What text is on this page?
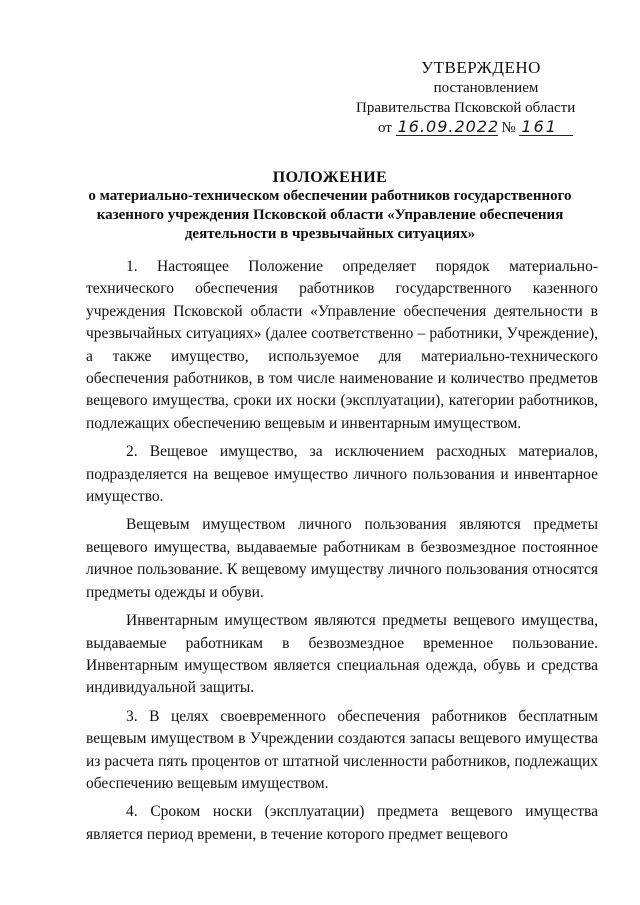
УТВЕРЖДЕНО
постановлением
Правительства Псковской области
от 16.09.2022 № 161
ПОЛОЖЕНИЕ
о материально-техническом обеспечении работников государственного
казенного учреждения Псковской области «Управление обеспечения
деятельности в чрезвычайных ситуациях»

1. Настоящее Положение определяет порядок материально-технического обеспечения работников государственного казенного учреждения Псковской области «Управление обеспечения деятельности в чрезвычайных ситуациях» (далее соответственно – работники, Учреждение), а также имущество, используемое для материально-технического обеспечения работников, в том числе наименование и количество предметов вещевого имущества, сроки их носки (эксплуатации), категории работников, подлежащих обеспечению вещевым и инвентарным имуществом.

2. Вещевое имущество, за исключением расходных материалов, подразделяется на вещевое имущество личного пользования и инвентарное имущество.

Вещевым имуществом личного пользования являются предметы вещевого имущества, выдаваемые работникам в безвозмездное постоянное личное пользование. К вещевому имуществу личного пользования относятся предметы одежды и обуви.

Инвентарным имуществом являются предметы вещевого имущества, выдаваемые работникам в безвозмездное временное пользование. Инвентарным имуществом является специальная одежда, обувь и средства индивидуальной защиты.

3. В целях своевременного обеспечения работников бесплатным вещевым имуществом в Учреждении создаются запасы вещевого имущества из расчета пять процентов от штатной численности работников, подлежащих обеспечению вещевым имуществом.

4. Сроком носки (эксплуатации) предмета вещевого имущества является период времени, в течение которого предмет вещевого
